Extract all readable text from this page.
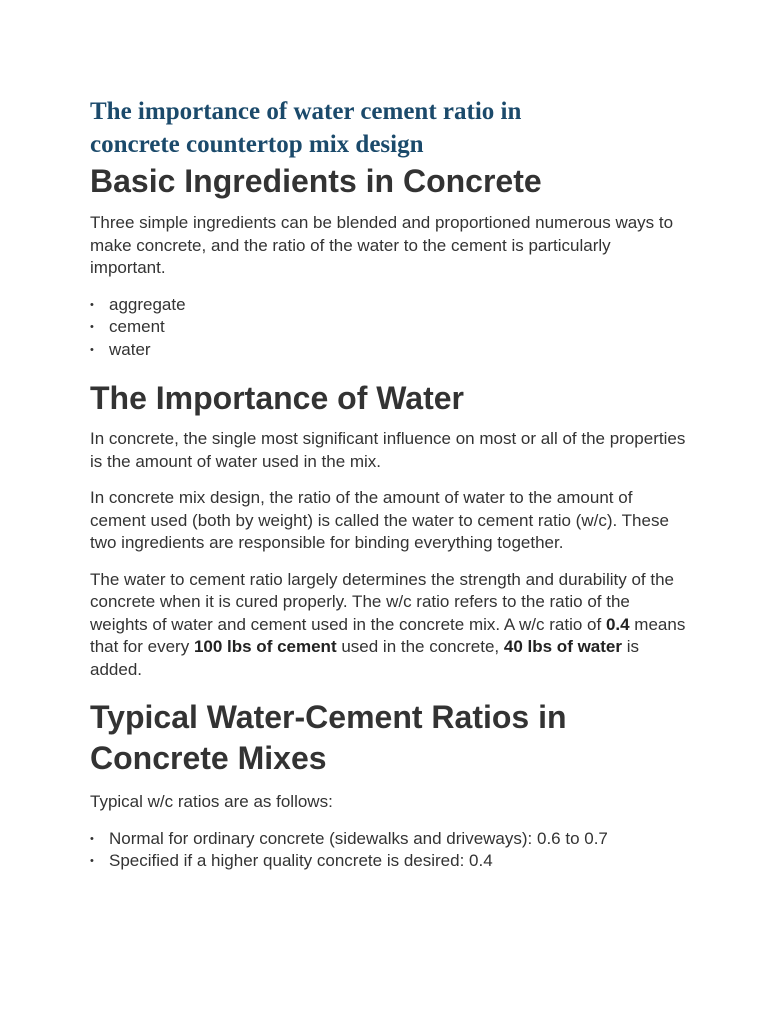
The importance of water cement ratio in
concrete countertop mix design
Basic Ingredients in Concrete

Three simple ingredients can be blended and proportioned numerous ways to make concrete, and the ratio of the water to the cement is particularly important.

• aggregate
• cement
• water
The Importance of Water

In concrete, the single most significant influence on most or all of the properties is the amount of water used in the mix.

In concrete mix design, the ratio of the amount of water to the amount of cement used (both by weight) is called the water to cement ratio (w/c). These two ingredients are responsible for binding everything together.

The water to cement ratio largely determines the strength and durability of the concrete when it is cured properly. The w/c ratio refers to the ratio of the weights of water and cement used in the concrete mix. A w/c ratio of 0.4 means that for every 100 lbs of cement used in the concrete, 40 lbs of water is added.

Typical Water-Cement Ratios in
Concrete Mixes

Typical w/c ratios are as follows:

• Normal for ordinary concrete (sidewalks and driveways): 0.6 to 0.7
• Specified if a higher quality concrete is desired: 0.4
